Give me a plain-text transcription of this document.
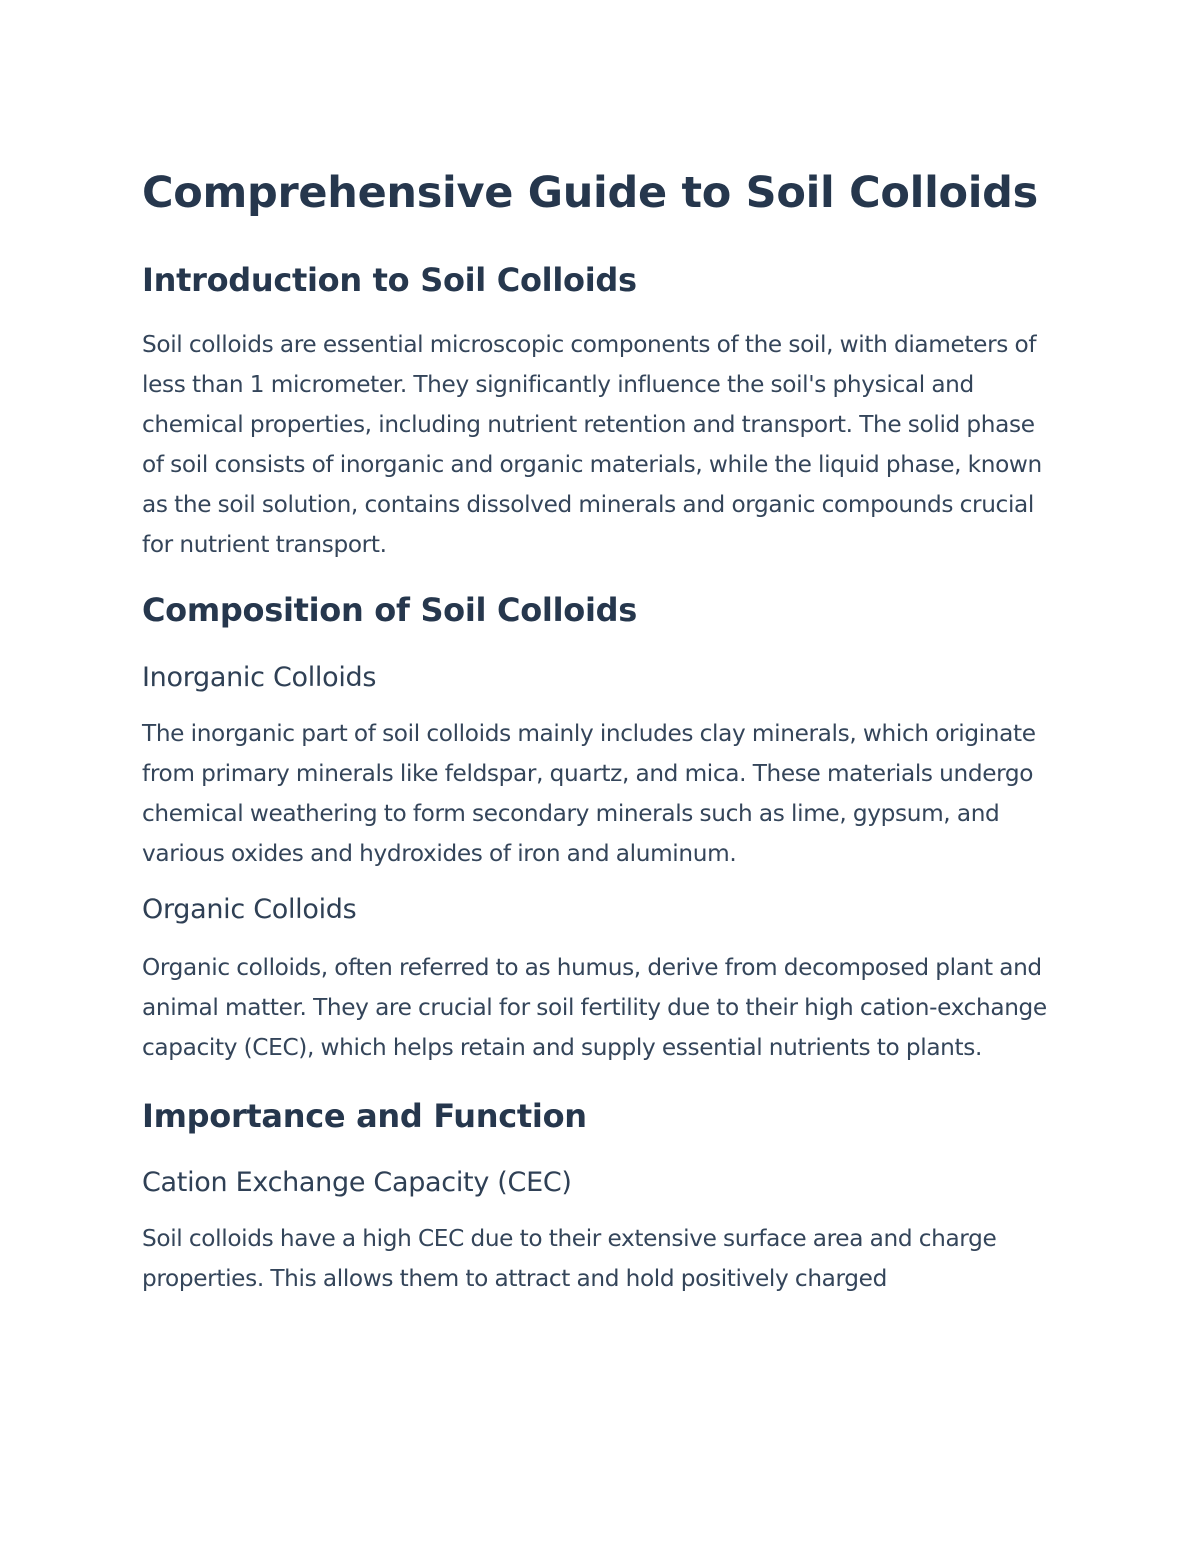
Comprehensive Guide to Soil Colloids
Introduction to Soil Colloids

Soil colloids are essential microscopic components of the soil, with diameters of less than 1 micrometer. They significantly influence the soil's physical and chemical properties, including nutrient retention and transport. The solid phase of soil consists of inorganic and organic materials, while the liquid phase, known as the soil solution, contains dissolved minerals and organic compounds crucial for nutrient transport.

Composition of Soil Colloids
Inorganic Colloids

The inorganic part of soil colloids mainly includes clay minerals, which originate from primary minerals like feldspar, quartz, and mica. These materials undergo chemical weathering to form secondary minerals such as lime, gypsum, and various oxides and hydroxides of iron and aluminum.

Organic Colloids

Organic colloids, often referred to as humus, derive from decomposed plant and animal matter. They are crucial for soil fertility due to their high cation-exchange capacity (CEC), which helps retain and supply essential nutrients to plants.

Importance and Function
Cation Exchange Capacity (CEC)

Soil colloids have a high CEC due to their extensive surface area and charge properties. This allows them to attract and hold positively charged
